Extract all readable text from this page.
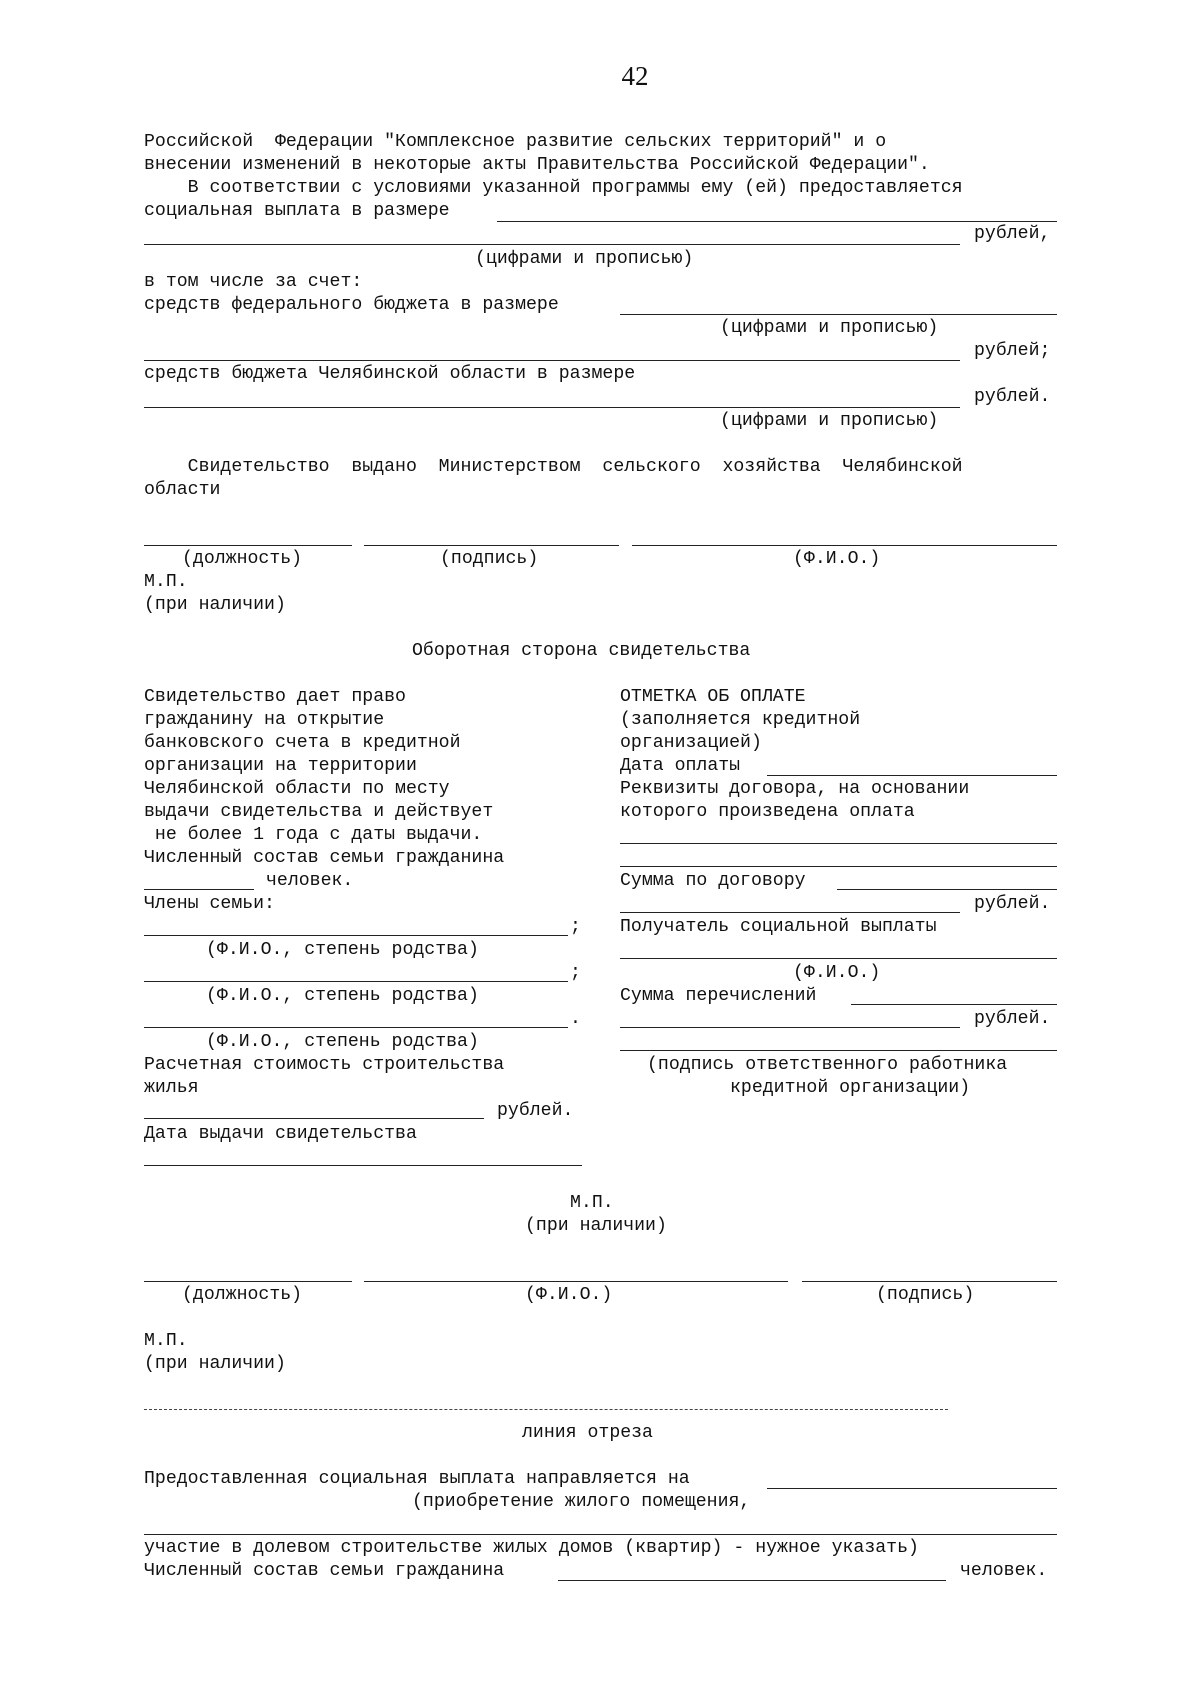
42
Российской  Федерации "Комплексное развитие сельских территорий" и о
внесении изменений в некоторые акты Правительства Российской Федерации".
В соответствии с условиями указанной программы ему (ей) предоставляется
социальная выплата в размере
рублей,
(цифрами и прописью)
в том числе за счет:
средств федерального бюджета в размере
(цифрами и прописью)
рублей;
средств бюджета Челябинской области в размере
рублей.
(цифрами и прописью)
Свидетельство  выдано  Министерством  сельского  хозяйства  Челябинской
области
(должность)	(подпись)	(Ф.И.О.)
М.П.
(при наличии)
Оборотная сторона свидетельства
Свидетельство дает право
гражданину на открытие
банковского счета в кредитной
организации на территории
Челябинской области по месту
выдачи свидетельства и действует
не более 1 года с даты выдачи.
Численный состав семьи гражданина
человек.
Члены семьи:
;
(Ф.И.О., степень родства)
;
(Ф.И.О., степень родства)
.
(Ф.И.О., степень родства)
Расчетная стоимость строительства
жилья
рублей.
Дата выдачи свидетельства
ОТМЕТКА ОБ ОПЛАТЕ
(заполняется кредитной
организацией)
Дата оплаты
Реквизиты договора, на основании
которого произведена оплата
Сумма по договору
рублей.
Получатель социальной выплаты
(Ф.И.О.)
Сумма перечислений
рублей.
(подпись ответственного работника
кредитной организации)
М.П.
(при наличии)
(должность)	(Ф.И.О.)	(подпись)
М.П.
(при наличии)
линия отреза
Предоставленная социальная выплата направляется на
(приобретение жилого помещения,
участие в долевом строительстве жилых домов (квартир) - нужное указать)
Численный состав семьи гражданина	человек.
